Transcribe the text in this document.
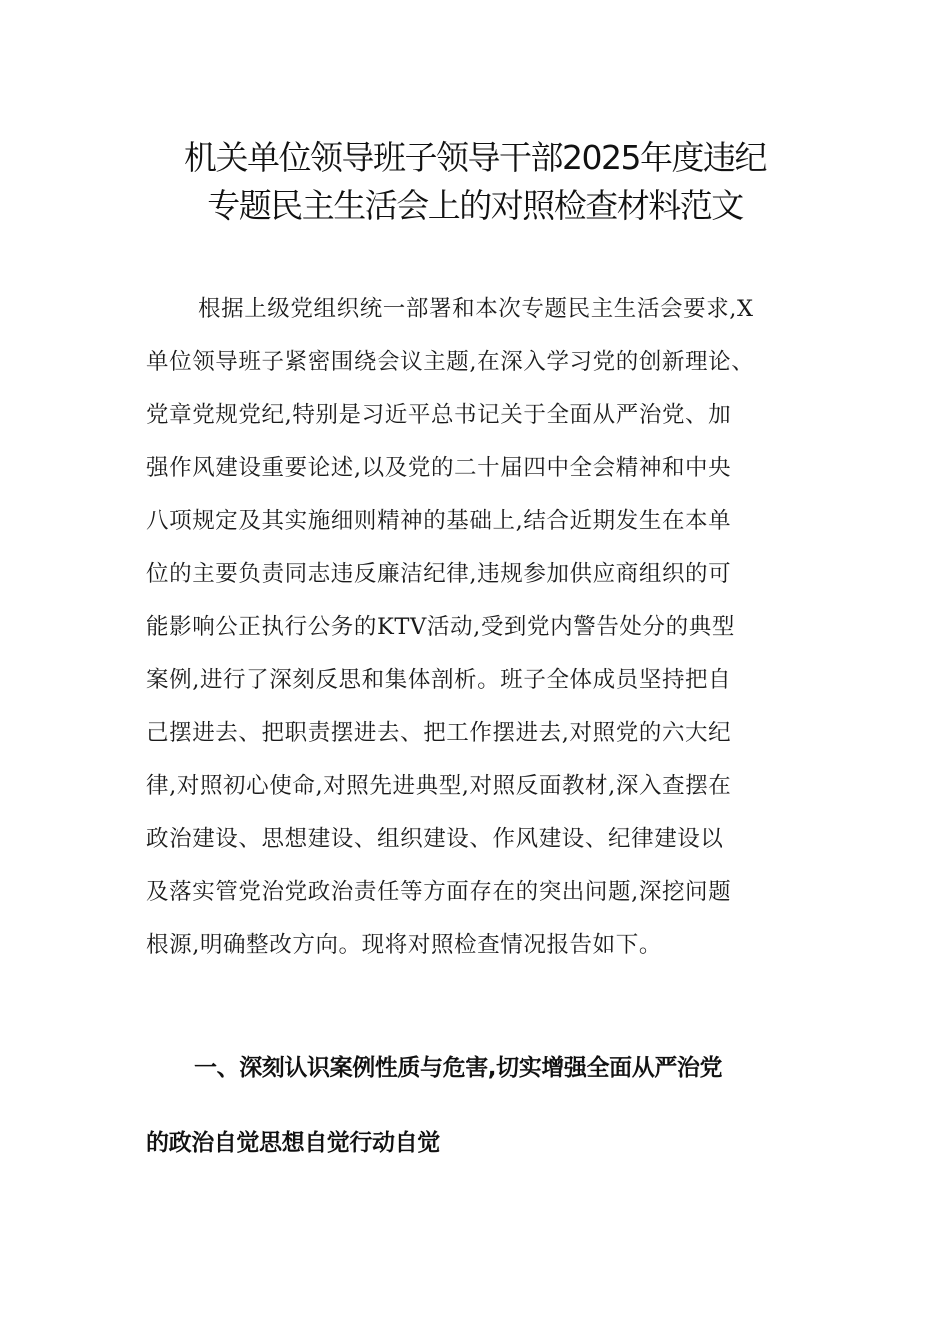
机关单位领导班子领导干部2025年度违纪
专题民主生活会上的对照检查材料范文
根据上级党组织统一部署和本次专题民主生活会要求,X
单位领导班子紧密围绕会议主题,在深入学习党的创新理论、
党章党规党纪,特别是习近平总书记关于全面从严治党、加
强作风建设重要论述,以及党的二十届四中全会精神和中央
八项规定及其实施细则精神的基础上,结合近期发生在本单
位的主要负责同志违反廉洁纪律,违规参加供应商组织的可
能影响公正执行公务的KTV活动,受到党内警告处分的典型
案例,进行了深刻反思和集体剖析。班子全体成员坚持把自
己摆进去、把职责摆进去、把工作摆进去,对照党的六大纪
律,对照初心使命,对照先进典型,对照反面教材,深入查摆在
政治建设、思想建设、组织建设、作风建设、纪律建设以
及落实管党治党政治责任等方面存在的突出问题,深挖问题
根源,明确整改方向。现将对照检查情况报告如下。
一、深刻认识案例性质与危害,切实增强全面从严治党
的政治自觉思想自觉行动自觉
